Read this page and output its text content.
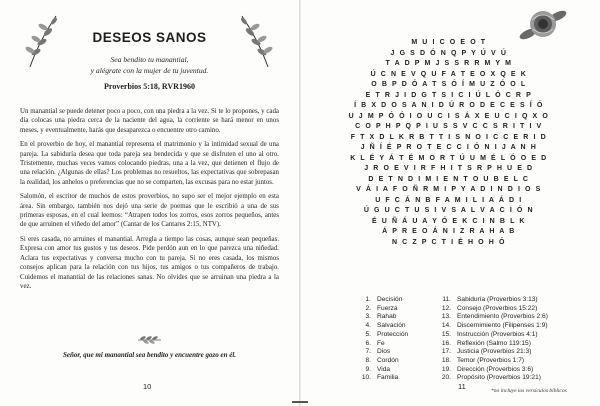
DESEOS SANOS
Sea bendito tu manantial,
y alégrate con la mujer de tu juventud.
Proverbios 5:18, RVR1960

Un manantial se puede detener poco a poco, con una piedra a la vez. Si te lo propones, y cada día colocas una piedra cerca de la naciente del agua, la corriente se hará menor en unos meses, y eventualmente, harás que desaparezca o encuentre otro camino.

En el proverbio de hoy, el manantial representa el matrimonio y la intimidad sexual de una pareja. La sabiduría desea que toda pareja sea bendecida y que se disfruten el uno al otro. Tristemente, muchas veces vamos colocando piedras, una a la vez, que detienen el flujo de una relación. ¿Algunas de ellas? Los problemas no resueltos, las expectativas que sobrepasan la realidad, los anhelos o preferencias que no se comparten, las excusas para no estar juntos.

Salomón, el escritor de muchos de estos proverbios, no supo ser el mejor ejemplo en esta área. Sin embargo, también nos dejó una serie de poemas que le escribió a una de sus primeras esposas, en el cual leemos: “Atrapen todos los zorros, esos zorros pequeños, antes de que arruinen el viñedo del amor” (Cantar de los Cantares 2:15, NTV).

Si eres casada, no arruines el manantial. Arregla a tiempo las cosas, aunque sean pequeñas. Expresa con amor tus gustos y tus deseos. Pide perdón aun en lo que parezca una niñedad. Aclara tus expectativas y conversa mucho con tu pareja. Si no eres casada, los mismos consejos aplican para la relación con tus hijos, tus amigos o tus compañeros de trabajo. Cuidemos el manantial de las relaciones sanas. No olvides que se arruinan una piedra a la vez.

Señor, que mi manantial sea bendito y encuentre gozo en él.
10
M U I C O E O T
J G S D Ó N Q P Y Ú V Ú
T A D P M J S S R R M Y M
Ú C N E V Q U F A T E O X Q E K
O B P D Ó A T S Ó Í M U Z Ó O L
E T R J I D G T S I C I Ú L Ó C R P
Í B X D O S A N I D Ú R O D E C E S Í Ó
U J M P Ó Ó I O U C I S Á X E U C I Q X O
C O P H P Q P I U S S V C C S R I T I V
F T X D L K R B T T I S N O I C C E R I D
J Ñ Í É P R O T E C C I Ó N I J A N H
K L É Y Á T É M O R T Ú U M É L Ó O E D
J R O E V I R F H I T S R P H U E D
D E T N D I M I E N T O U B E L C
V Á I A F O Ñ R M I P Y A D I N D I O S
U F C Á N B F A M I L I A Á D I
Ú G U C T U S I V S A L V A C I Ó N
É U Ñ Á U A Y Ó E K C I N B L K
Á P R E O Á N I Z R A H A B
N C Z P C T I É H O H Ó
1. Decisión
2. Fuerza
3. Rahab
4. Salvación
5. Protección
6. Fe
7. Dios
8. Cordón
9. Vida
10. Familia
11. Sabiduría (Proverbios 3:13)
12. Consejo (Proverbios 15:22)
13. Entendimiento (Proverbios 2:6)
14. Discernimiento (Filipenses 1:9)
15. Instrucción (Proverbios 4:1)
16. Reflexión (Salmo 119:15)
17. Justicia (Proverbios 21:3)
18. Temor (Proverbios 1:7)
19. Dirección (Proverbios 3:6)
20. Propósito (Proverbios 19:21)
*no incluye los versículos bíblicos
11
